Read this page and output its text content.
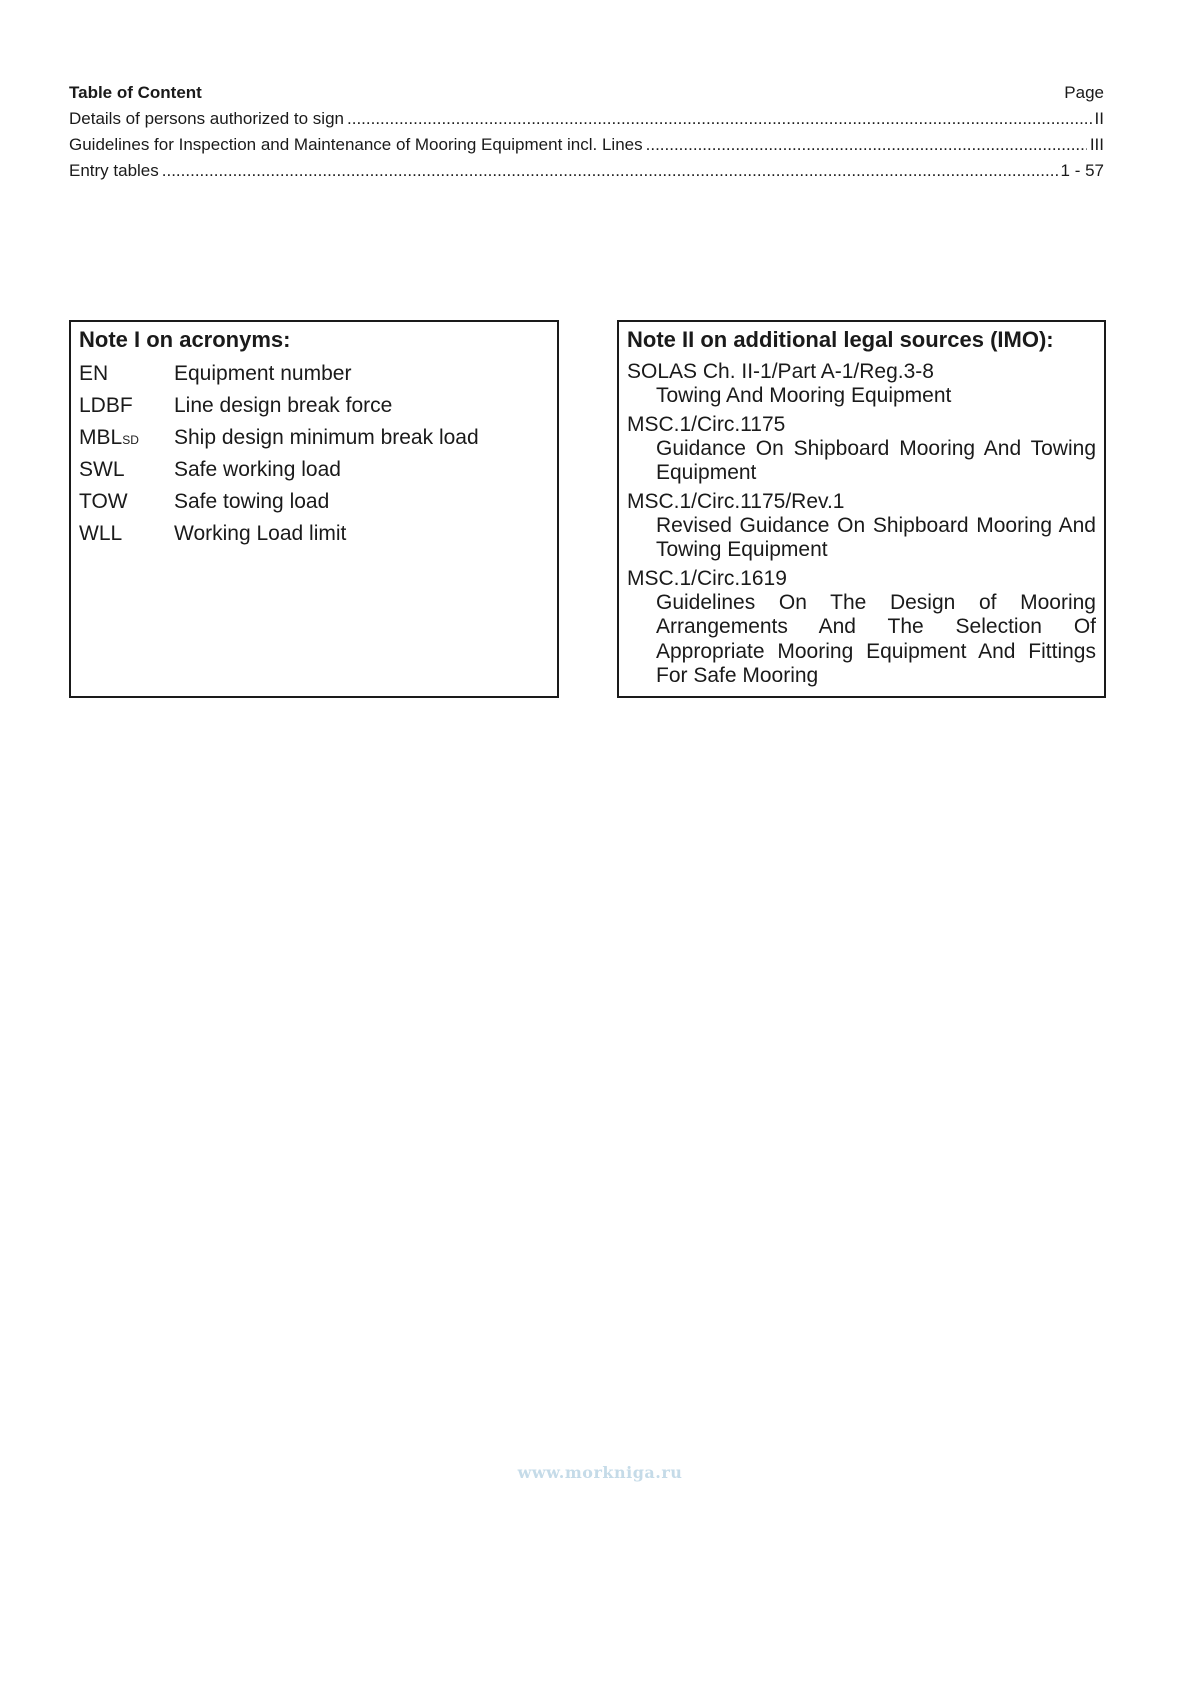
Table of Content	Page
Details of persons authorized to sign .....	II
Guidelines for Inspection and Maintenance of Mooring Equipment incl. Lines .....	III
Entry tables .....	1 - 57
Note I on acronyms:
EN	Equipment number
LDBF	Line design break force
MBLSD	Ship design minimum break load
SWL	Safe working load
TOW	Safe towing load
WLL	Working Load limit
Note II on additional legal sources (IMO):
SOLAS Ch. II-1/Part A-1/Reg.3-8
Towing And Mooring Equipment
MSC.1/Circ.1175
Guidance On Shipboard Mooring And Towing Equipment
MSC.1/Circ.1175/Rev.1
Revised Guidance On Shipboard Mooring And Towing Equipment
MSC.1/Circ.1619
Guidelines On The Design of Mooring Arrangements And The Selection Of Appropriate Mooring Equipment And Fittings For Safe Mooring
www.morkniga.ru
